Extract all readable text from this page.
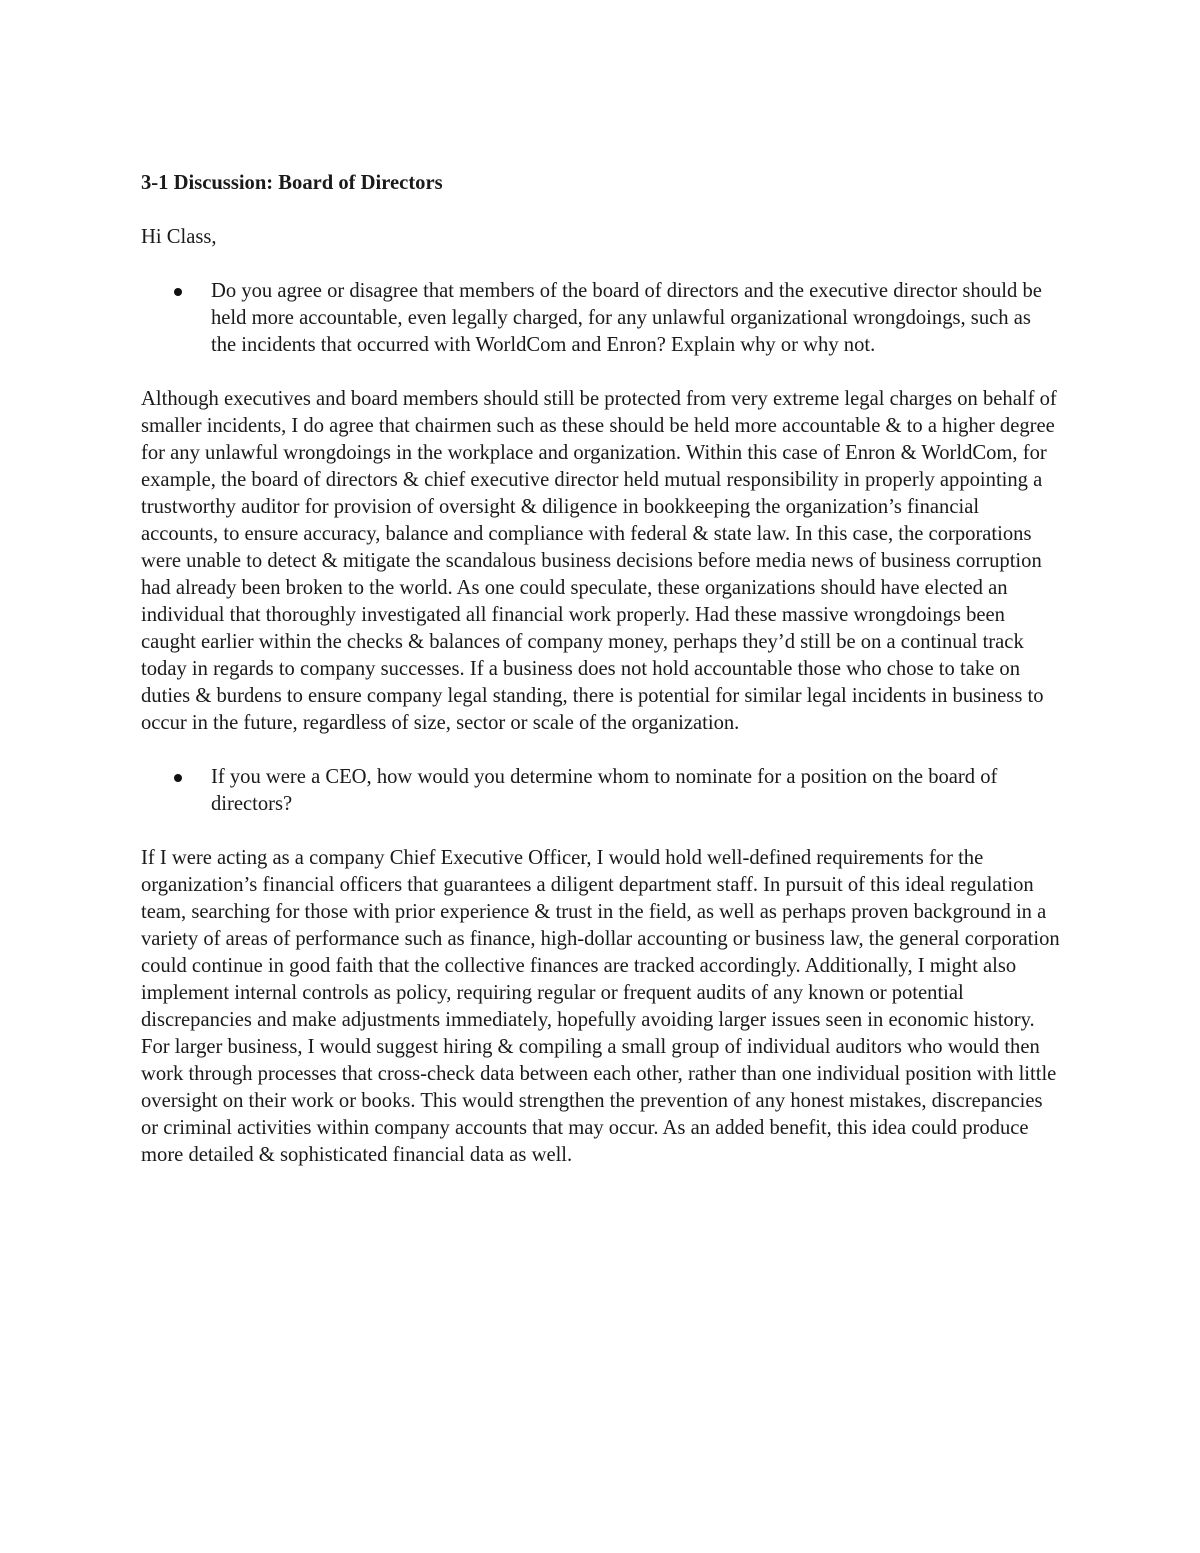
3-1 Discussion: Board of Directors
Hi Class,
Do you agree or disagree that members of the board of directors and the executive director should be held more accountable, even legally charged, for any unlawful organizational wrongdoings, such as the incidents that occurred with WorldCom and Enron? Explain why or why not.
Although executives and board members should still be protected from very extreme legal charges on behalf of smaller incidents, I do agree that chairmen such as these should be held more accountable & to a higher degree for any unlawful wrongdoings in the workplace and organization. Within this case of Enron & WorldCom, for example, the board of directors & chief executive director held mutual responsibility in properly appointing a trustworthy auditor for provision of oversight & diligence in bookkeeping the organization’s financial accounts, to ensure accuracy, balance and compliance with federal & state law. In this case, the corporations were unable to detect & mitigate the scandalous business decisions before media news of business corruption had already been broken to the world. As one could speculate, these organizations should have elected an individual that thoroughly investigated all financial work properly. Had these massive wrongdoings been caught earlier within the checks & balances of company money, perhaps they’d still be on a continual track today in regards to company successes. If a business does not hold accountable those who chose to take on duties & burdens to ensure company legal standing, there is potential for similar legal incidents in business to occur in the future, regardless of size, sector or scale of the organization.
If you were a CEO, how would you determine whom to nominate for a position on the board of directors?
If I were acting as a company Chief Executive Officer, I would hold well-defined requirements for the organization’s financial officers that guarantees a diligent department staff. In pursuit of this ideal regulation team, searching for those with prior experience & trust in the field, as well as perhaps proven background in a variety of areas of performance such as finance, high-dollar accounting or business law, the general corporation could continue in good faith that the collective finances are tracked accordingly. Additionally, I might also implement internal controls as policy, requiring regular or frequent audits of any known or potential discrepancies and make adjustments immediately, hopefully avoiding larger issues seen in economic history. For larger business, I would suggest hiring & compiling a small group of individual auditors who would then work through processes that cross-check data between each other, rather than one individual position with little oversight on their work or books. This would strengthen the prevention of any honest mistakes, discrepancies or criminal activities within company accounts that may occur. As an added benefit, this idea could produce more detailed & sophisticated financial data as well.
